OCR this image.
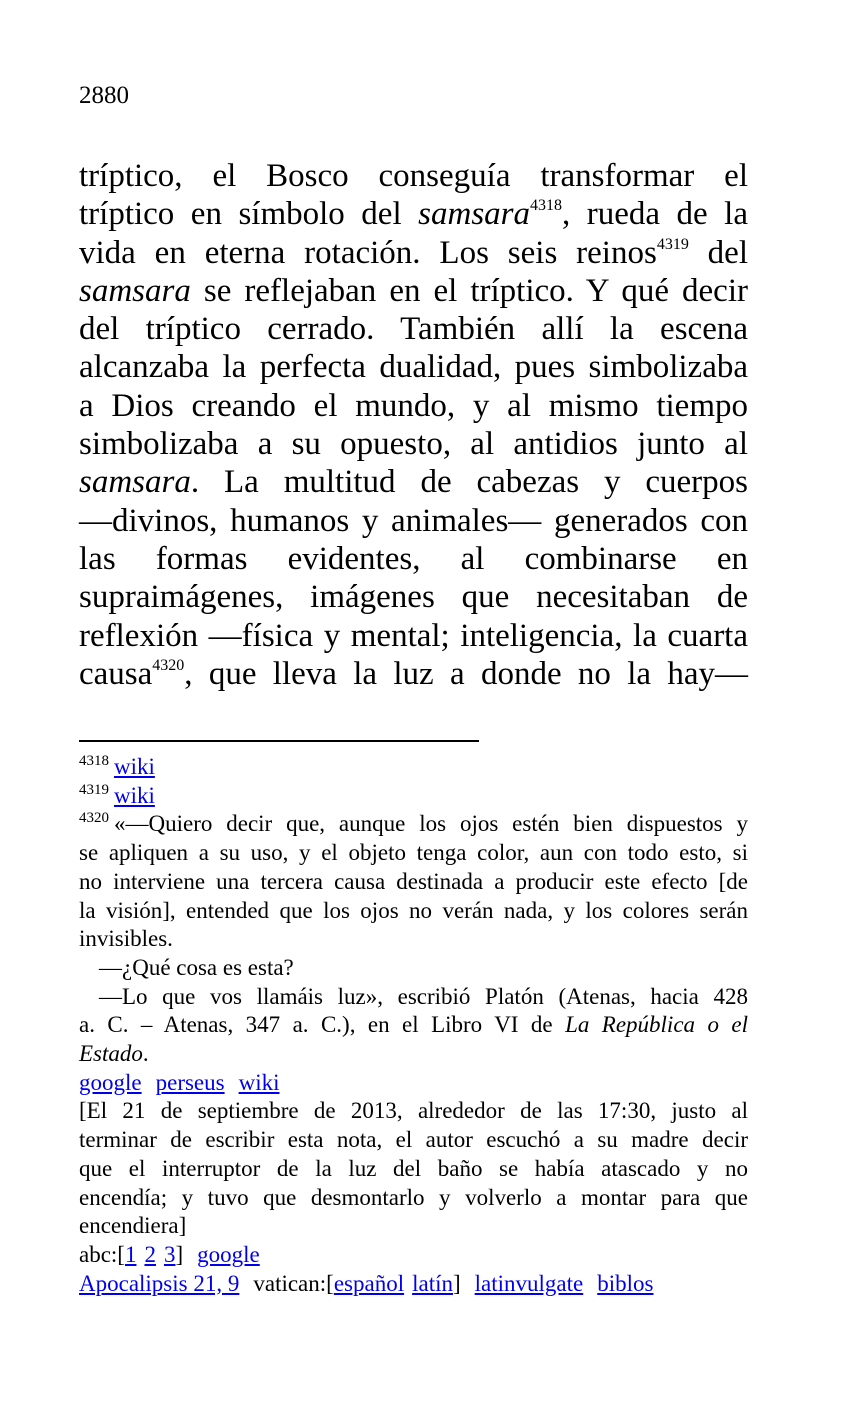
2880
tríptico, el Bosco conseguía transformar el
tríptico en símbolo del samsara$^{4318}$, rueda de la
vida en eterna rotación. Los seis reinos$^{4319}$ del
samsara se reflejaban en el tríptico. Y qué decir
del tríptico cerrado. También allí la escena
alcanzaba la perfecta dualidad, pues simbolizaba
a Dios creando el mundo, y al mismo tiempo
simbolizaba a su opuesto, al antidios junto al
samsara. La multitud de cabezas y cuerpos
—divinos, humanos y animales— generados con
las formas evidentes, al combinarse en
supraimágenes, imágenes que necesitaban de
reflexión —física y mental; inteligencia, la cuarta
causa$^{4320}$, que lleva la luz a donde no la hay—
$^{4318}$ wiki
$^{4319}$ wiki
$^{4320}$ «—Quiero decir que, aunque los ojos estén bien dispuestos y
se apliquen a su uso, y el objeto tenga color, aun con todo esto, si
no interviene una tercera causa destinada a producir este efecto [de
la visión], entended que los ojos no verán nada, y los colores serán
invisibles.
—¿Qué cosa es esta?
—Lo que vos llamáis luz», escribió Platón (Atenas, hacia 428
a. C. – Atenas, 347 a. C.), en el Libro VI de La República o el
Estado.
google perseus wiki
[El 21 de septiembre de 2013, alrededor de las 17:30, justo al
terminar de escribir esta nota, el autor escuchó a su madre decir
que el interruptor de la luz del baño se había atascado y no
encendía; y tuvo que desmontarlo y volverlo a montar para que
encendiera]
abc:[1 2 3] google
Apocalipsis 21, 9 vatican:[español latín] latinvulgate biblos
